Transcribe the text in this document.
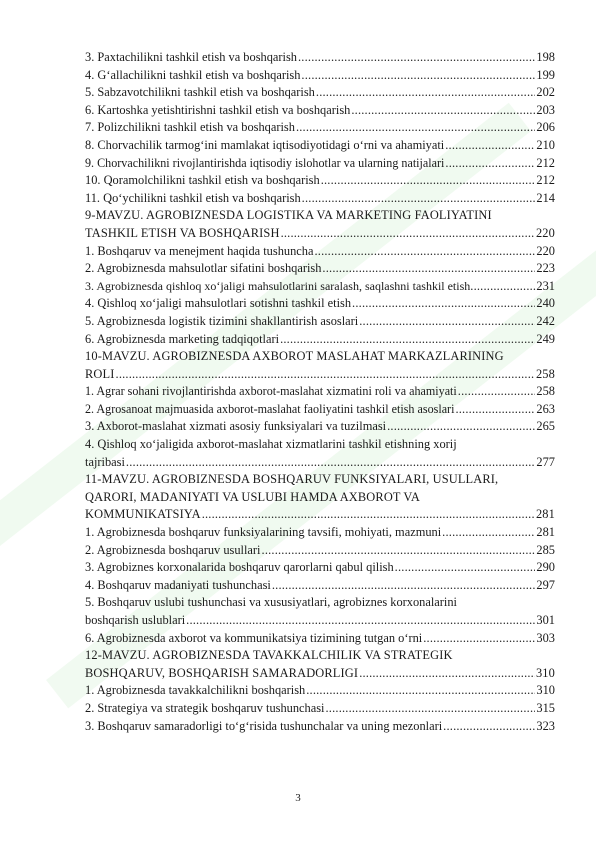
3. Paxtachilikni tashkil etish va boshqarish .....	198
4. G‘allachilikni tashkil etish va boshqarish .....	199
5. Sabzavotchilikni tashkil etish va boshqarish .....	202
6. Kartoshka yetishtirishni tashkil etish va boshqarish .....	203
7. Polizchilikni tashkil etish va boshqarish .....	206
8. Chorvachilik tarmog‘ini mamlakat iqtisodiyotidagi o‘rni va ahamiyati .....	210
9. Chorvachilikni rivojlantirishda iqtisodiy islohotlar va ularning natijalari .....	212
10. Qoramolchilikni tashkil etish va boshqarish .....	212
11. Qo‘ychilikni tashkil etish va boshqarish .....	214
9-MAVZU. AGROBIZNESDA LOGISTIKA VA MARKETING FAOLIYATINI
TASHKIL ETISH VA BOSHQARISH .....	220
1. Boshqaruv va menejment haqida tushuncha .....	220
2. Agrobiznesda mahsulotlar sifatini boshqarish .....	223
3. Agrobiznesda qishloq xo‘jaligi mahsulotlarini saralash, saqlashni tashkil etish .....	231
4. Qishloq xo‘jaligi mahsulotlari sotishni tashkil etish .....	240
5. Agrobiznesda logistik tizimini shakllantirish asoslari .....	242
6. Agrobiznesda marketing tadqiqotlari .....	249
10-MAVZU. AGROBIZNESDA AXBOROT MASLAHAT MARKAZLARINING
ROLI .....	258
1. Agrar sohani rivojlantirishda axborot-maslahat xizmatini roli va ahamiyati .....	258
2. Agrosanoat majmuasida axborot-maslahat faoliyatini tashkil etish asoslari .....	263
3. Axborot-maslahat xizmati asosiy funksiyalari va tuzilmasi .....	265
4. Qishloq xo‘jaligida axborot-maslahat xizmatlarini tashkil etishning xorij
tajribasi .....	277
11-MAVZU. AGROBIZNESDA BOSHQARUV FUNKSIYALARI, USULLARI,
QARORI, MADANIYATI VA USLUBI HAMDA AXBOROT VA
KOMMUNIKATSIYA .....	281
1. Agrobiznesda boshqaruv funksiyalarining tavsifi, mohiyati, mazmuni .....	281
2. Agrobiznesda boshqaruv usullari .....	285
3. Agrobiznes korxonalarida boshqaruv qarorlarni qabul qilish .....	290
4. Boshqaruv madaniyati tushunchasi .....	297
5. Boshqaruv uslubi tushunchasi va xususiyatlari, agrobiznes korxonalarini
boshqarish uslublari .....	301
6. Agrobiznesda axborot va kommunikatsiya tizimining tutgan o‘rni .....	303
12-MAVZU. AGROBIZNESDA TAVAKKALCHILIK VA STRATEGIK
BOSHQARUV, BOSHQARISH SAMARADORLIGI .....	310
1. Agrobiznesda tavakkalchilikni boshqarish .....	310
2. Strategiya va strategik boshqaruv tushunchasi .....	315
3. Boshqaruv samaradorligi to‘g‘risida tushunchalar va uning mezonlari .....	323
3
